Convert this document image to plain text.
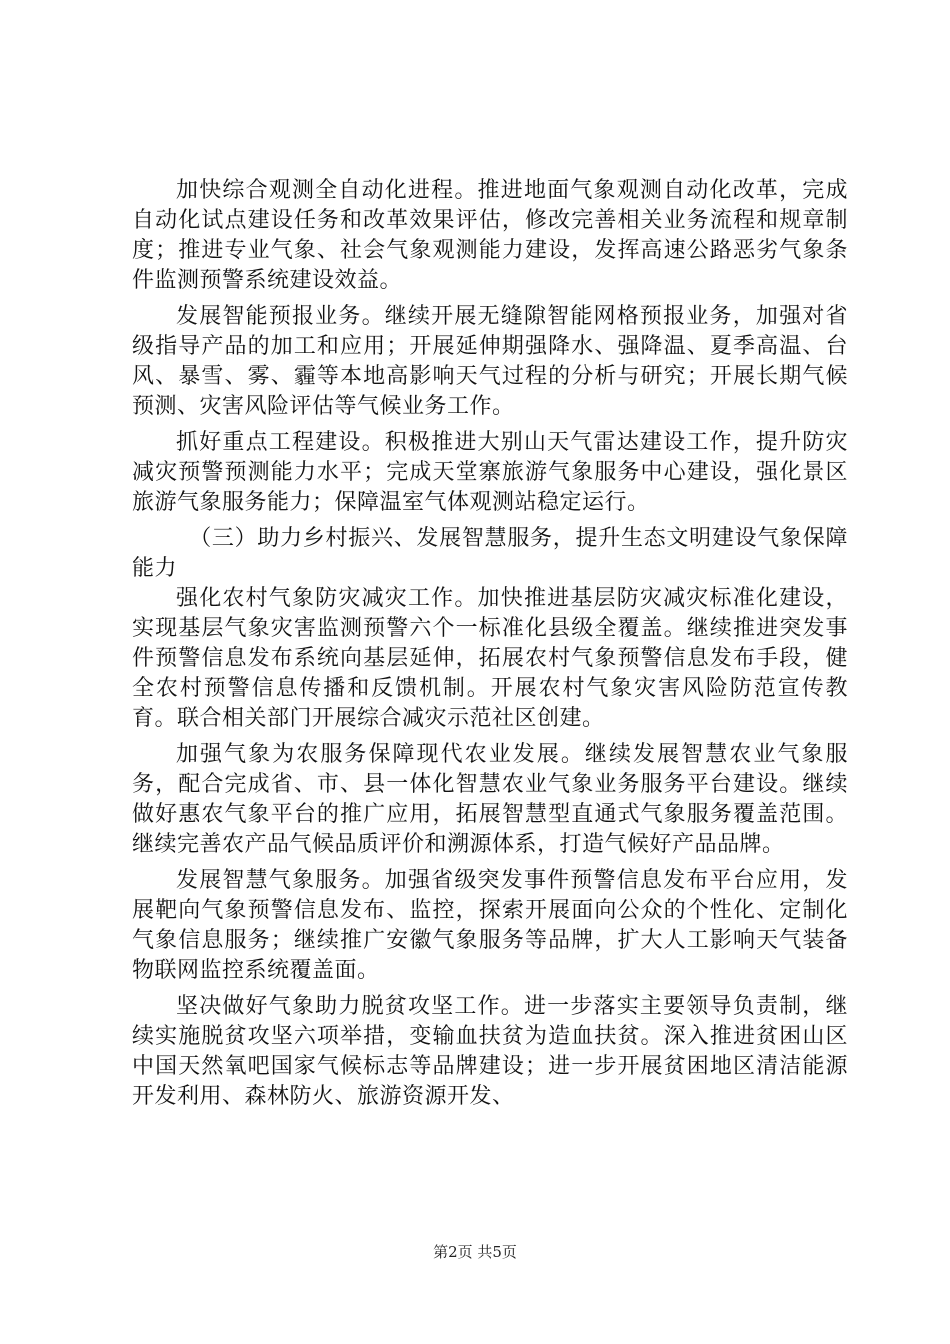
加快综合观测全自动化进程。推进地面气象观测自动化改革，完成自动化试点建设任务和改革效果评估，修改完善相关业务流程和规章制度；推进专业气象、社会气象观测能力建设，发挥高速公路恶劣气象条件监测预警系统建设效益。

发展智能预报业务。继续开展无缝隙智能网格预报业务，加强对省级指导产品的加工和应用；开展延伸期强降水、强降温、夏季高温、台风、暴雪、雾、霾等本地高影响天气过程的分析与研究；开展长期气候预测、灾害风险评估等气候业务工作。

抓好重点工程建设。积极推进大别山天气雷达建设工作，提升防灾减灾预警预测能力水平；完成天堂寨旅游气象服务中心建设，强化景区旅游气象服务能力；保障温室气体观测站稳定运行。

（三）助力乡村振兴、发展智慧服务，提升生态文明建设气象保障能力

强化农村气象防灾减灾工作。加快推进基层防灾减灾标准化建设，实现基层气象灾害监测预警六个一标准化县级全覆盖。继续推进突发事件预警信息发布系统向基层延伸，拓展农村气象预警信息发布手段，健全农村预警信息传播和反馈机制。开展农村气象灾害风险防范宣传教育。联合相关部门开展综合减灾示范社区创建。

加强气象为农服务保障现代农业发展。继续发展智慧农业气象服务，配合完成省、市、县一体化智慧农业气象业务服务平台建设。继续做好惠农气象平台的推广应用，拓展智慧型直通式气象服务覆盖范围。继续完善农产品气候品质评价和溯源体系，打造气候好产品品牌。

发展智慧气象服务。加强省级突发事件预警信息发布平台应用，发展靶向气象预警信息发布、监控，探索开展面向公众的个性化、定制化气象信息服务；继续推广安徽气象服务等品牌，扩大人工影响天气装备物联网监控系统覆盖面。

坚决做好气象助力脱贫攻坚工作。进一步落实主要领导负责制，继续实施脱贫攻坚六项举措，变输血扶贫为造血扶贫。深入推进贫困山区中国天然氧吧国家气候标志等品牌建设；进一步开展贫困地区清洁能源开发利用、森林防火、旅游资源开发、

第2页 共5页
